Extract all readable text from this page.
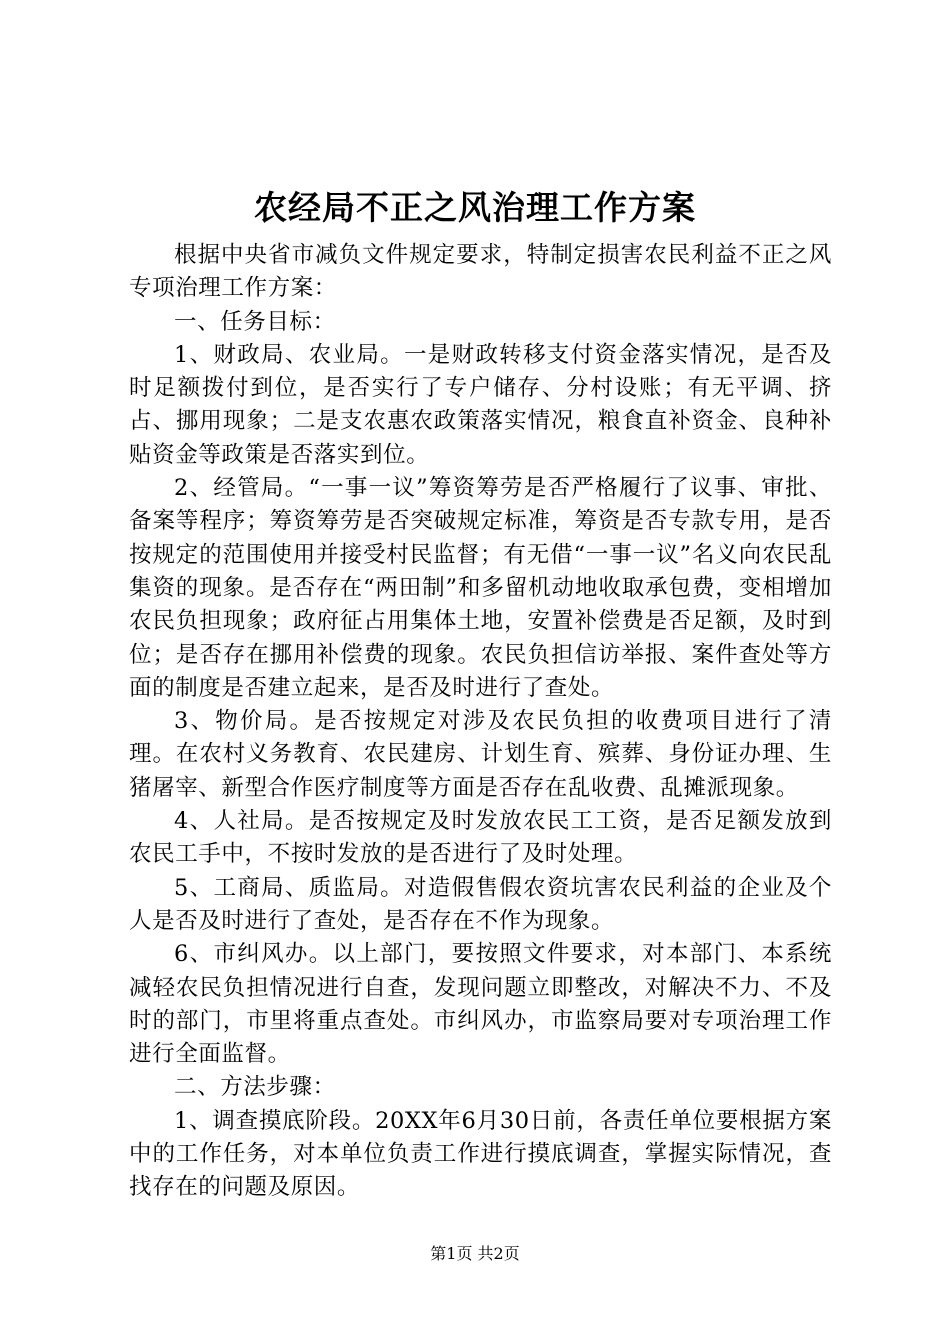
农经局不正之风治理工作方案

根据中央省市减负文件规定要求，特制定损害农民利益不正之风专项治理工作方案：

一、任务目标：

1、财政局、农业局。一是财政转移支付资金落实情况，是否及时足额拨付到位，是否实行了专户储存、分村设账；有无平调、挤占、挪用现象；二是支农惠农政策落实情况，粮食直补资金、良种补贴资金等政策是否落实到位。

2、经管局。“一事一议”筹资筹劳是否严格履行了议事、审批、备案等程序；筹资筹劳是否突破规定标准，筹资是否专款专用，是否按规定的范围使用并接受村民监督；有无借“一事一议”名义向农民乱集资的现象。是否存在“两田制”和多留机动地收取承包费，变相增加农民负担现象；政府征占用集体土地，安置补偿费是否足额，及时到位；是否存在挪用补偿费的现象。农民负担信访举报、案件查处等方面的制度是否建立起来，是否及时进行了查处。

3、物价局。是否按规定对涉及农民负担的收费项目进行了清理。在农村义务教育、农民建房、计划生育、殡葬、身份证办理、生猪屠宰、新型合作医疗制度等方面是否存在乱收费、乱摊派现象。

4、人社局。是否按规定及时发放农民工工资，是否足额发放到农民工手中，不按时发放的是否进行了及时处理。

5、工商局、质监局。对造假售假农资坑害农民利益的企业及个人是否及时进行了查处，是否存在不作为现象。

6、市纠风办。以上部门，要按照文件要求，对本部门、本系统减轻农民负担情况进行自查，发现问题立即整改，对解决不力、不及时的部门，市里将重点查处。市纠风办，市监察局要对专项治理工作进行全面监督。

二、方法步骤：

1、调查摸底阶段。20XX年6月30日前，各责任单位要根据方案中的工作任务，对本单位负责工作进行摸底调查，掌握实际情况，查找存在的问题及原因。

第1页 共2页
